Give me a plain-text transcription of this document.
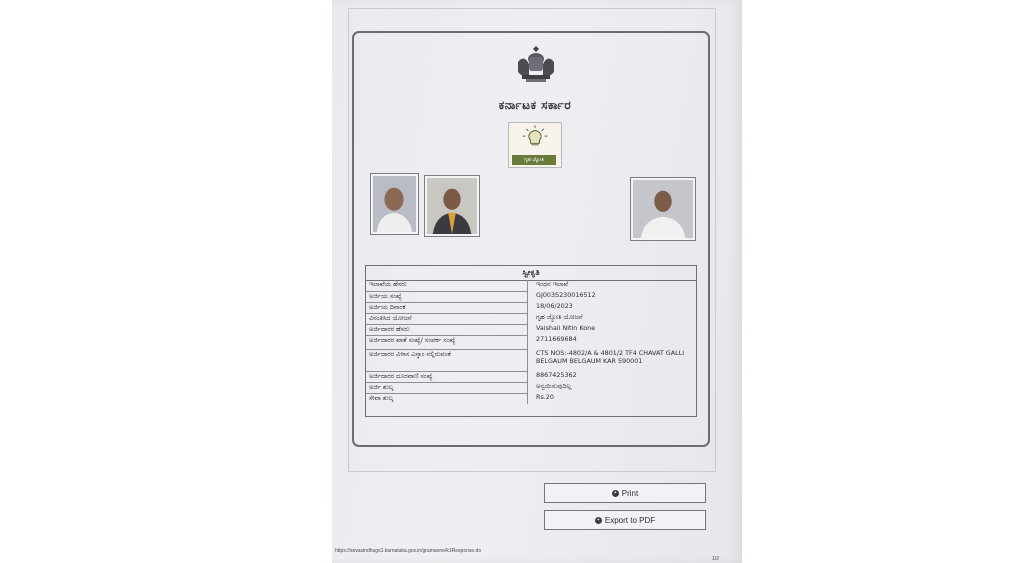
ಕರ್ನಾಟಕ ಸರ್ಕಾರ
ಗೃಹ ಜ್ಯೋತಿ
ಸ್ವೀಕೃತಿ
ಇಲಾಖೆಯ ಹೆಸರು	ಇಂಧನ ಇಲಾಖೆ
ಅರ್ಜಿಯ ಸಂಖ್ಯೆ	GJ003S230016512
ಅರ್ಜಿಯ ದಿನಾಂಕ	18/06/2023
ವಿನಂತಿಸಿದ ಯೋಜನೆ	ಗೃಹ ಜ್ಯೋತಿ ಯೋಜನೆ
ಅರ್ಜಿದಾರರ ಹೆಸರು	Vaishali Nitin Kone
ಅರ್ಜಿದಾರರ ಖಾತೆ ಸಂಖ್ಯೆ/ ಸಂಪರ್ಕ ಸಂಖ್ಯೆ	2711669684
ಅರ್ಜಿದಾರರ ವಿಳಾಸ ಎಸ್ಕಾಂ ನಲ್ಲಿರುವಂತೆ	CTS NOS:-4802/A & 4801/2 TF4 CHAVAT GALLI
BELGAUM BELGAUM KAR 590001

ಅರ್ಜಿದಾರರ ದೂರವಾಣಿ ಸಂಖ್ಯೆ	8867425362
ಅರ್ಜಿ ಶುಲ್ಕ	ಅನ್ವಯಿಸುವುದಿಲ್ಲ
ಸೇವಾ ಶುಲ್ಕ	Rs.20
+ Print
+ Export to PDF
https://sevasindhugs1.karnataka.gov.in/gramaone/k1Response.do
1/2
